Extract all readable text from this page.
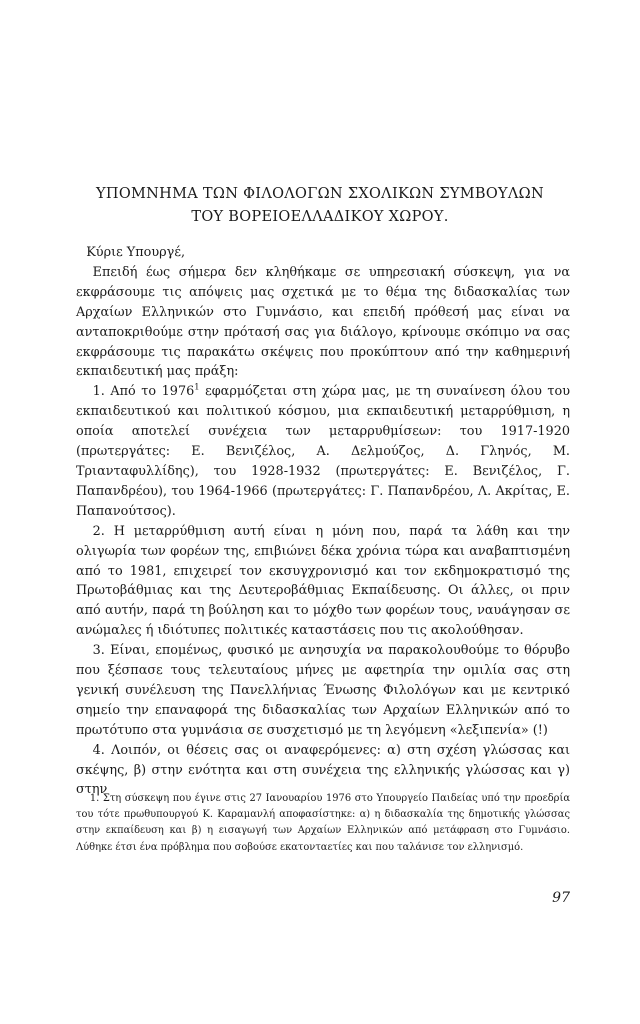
ΥΠΟΜΝΗΜΑ ΤΩΝ ΦΙΛΟΛΟΓΩΝ ΣΧΟΛΙΚΩΝ ΣΥΜΒΟΥΛΩΝ
ΤΟΥ ΒΟΡΕΙΟΕΛΛΑΔΙΚΟΥ ΧΩΡΟΥ.

Κύριε Υπουργέ,

Επειδή έως σήμερα δεν κληθήκαμε σε υπηρεσιακή σύσκεψη, για να εκφράσουμε τις απόψεις μας σχετικά με το θέμα της διδασκαλίας των Αρχαίων Ελληνικών στο Γυμνάσιο, και επειδή πρόθεσή μας είναι να ανταποκριθούμε στην πρότασή σας για διάλογο, κρίνουμε σκόπιμο να σας εκφράσουμε τις παρακάτω σκέψεις που προκύπτουν από την καθημερινή εκπαιδευτική μας πράξη:

1. Από το 1976$^1$ εφαρμόζεται στη χώρα μας, με τη συναίνεση όλου του εκπαιδευτικού και πολιτικού κόσμου, μια εκπαιδευτική μεταρρύθμιση, η οποία αποτελεί συνέχεια των μεταρρυθμίσεων: του 1917-1920 (πρωτεργάτες: Ε. Βενιζέλος, Α. Δελμούζος, Δ. Γληνός, Μ. Τριανταφυλλίδης), του 1928-1932 (πρωτεργάτες: Ε. Βενιζέλος, Γ. Παπανδρέου), του 1964-1966 (πρωτεργάτες: Γ. Παπανδρέου, Λ. Ακρίτας, Ε. Παπανούτσος).

2. Η μεταρρύθμιση αυτή είναι η μόνη που, παρά τα λάθη και την ολιγωρία των φορέων της, επιβιώνει δέκα χρόνια τώρα και αναβαπτισμένη από το 1981, επιχειρεί τον εκσυγχρονισμό και τον εκδημοκρατισμό της Πρωτοβάθμιας και της Δευτεροβάθμιας Εκπαίδευσης. Οι άλλες, οι πριν από αυτήν, παρά τη βούληση και το μόχθο των φορέων τους, ναυάγησαν σε ανώμαλες ή ιδιότυπες πολιτικές καταστάσεις που τις ακολούθησαν.

3. Είναι, επομένως, φυσικό με ανησυχία να παρακολουθούμε το θόρυβο που ξέσπασε τους τελευταίους μήνες με αφετηρία την ομιλία σας στη γενική συνέλευση της Πανελλήνιας Ένωσης Φιλολόγων και με κεντρικό σημείο την επαναφορά της διδασκαλίας των Αρχαίων Ελληνικών από το πρωτότυπο στα γυμνάσια σε συσχετισμό με τη λεγόμενη «λεξιπενία» (!)

4. Λοιπόν, οι θέσεις σας οι αναφερόμενες: α) στη σχέση γλώσσας και σκέψης, β) στην ενότητα και στη συνέχεια της ελληνικής γλώσσας και γ) στην

1. Στη σύσκεψη που έγινε στις 27 Ιανουαρίου 1976 στο Υπουργείο Παιδείας υπό την προεδρία του τότε πρωθυπουργού Κ. Καραμανλή αποφασίστηκε: α) η διδασκαλία της δημοτικής γλώσσας στην εκπαίδευση και β) η εισαγωγή των Αρχαίων Ελληνικών από μετάφραση στο Γυμνάσιο. Λύθηκε έτσι ένα πρόβλημα που σοβούσε εκατονταετίες και που ταλάνισε τον ελληνισμό.

97
